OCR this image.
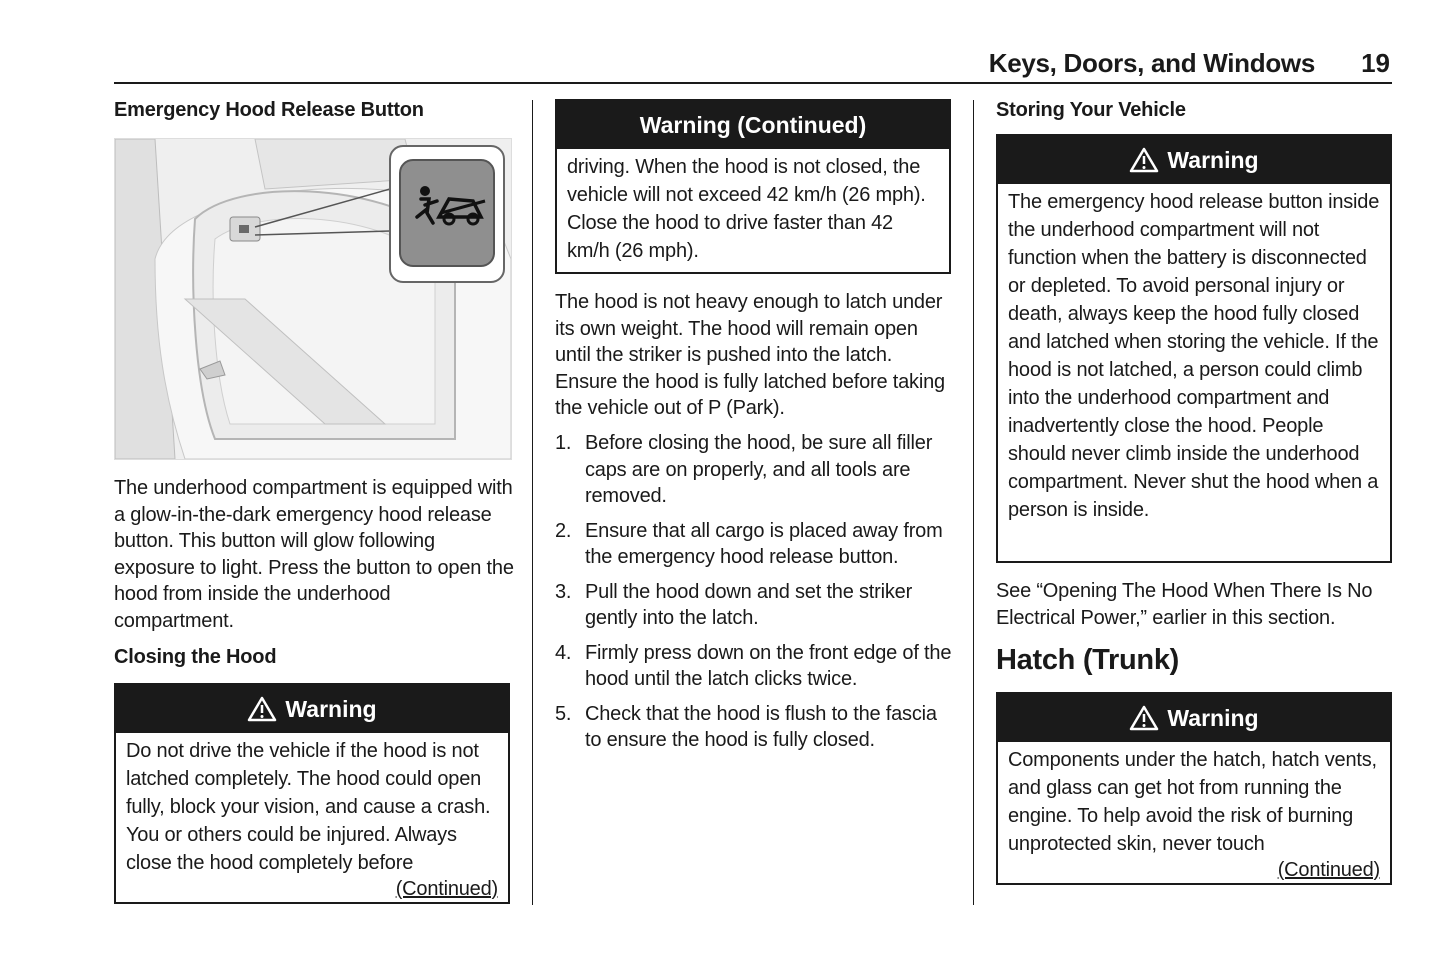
Keys, Doors, and Windows 19
Emergency Hood Release Button

The underhood compartment is equipped with a glow-in-the-dark emergency hood release button. This button will glow following exposure to light. Press the button to open the hood from inside the underhood compartment.

Closing the Hood
Warning
Do not drive the vehicle if the hood is not latched completely. The hood could open fully, block your vision, and cause a crash. You or others could be injured. Always close the hood completely before
(Continued)
Warning (Continued)
driving. When the hood is not closed, the vehicle will not exceed 42 km/h (26 mph). Close the hood to drive faster than 42 km/h (26 mph).

The hood is not heavy enough to latch under its own weight. The hood will remain open until the striker is pushed into the latch. Ensure the hood is fully latched before taking the vehicle out of P (Park).

1. Before closing the hood, be sure all filler caps are on properly, and all tools are removed.
2. Ensure that all cargo is placed away from the emergency hood release button.
3. Pull the hood down and set the striker gently into the latch.
4. Firmly press down on the front edge of the hood until the latch clicks twice.
5. Check that the hood is flush to the fascia to ensure the hood is fully closed.
Storing Your Vehicle
Warning
The emergency hood release button inside the underhood compartment will not function when the battery is disconnected or depleted. To avoid personal injury or death, always keep the hood fully closed and latched when storing the vehicle. If the hood is not latched, a person could climb into the underhood compartment and inadvertently close the hood. People should never climb inside the underhood compartment. Never shut the hood when a person is inside.

See “Opening The Hood When There Is No Electrical Power,” earlier in this section.

Hatch (Trunk)
Warning
Components under the hatch, hatch vents, and glass can get hot from running the engine. To help avoid the risk of burning unprotected skin, never touch
(Continued)
